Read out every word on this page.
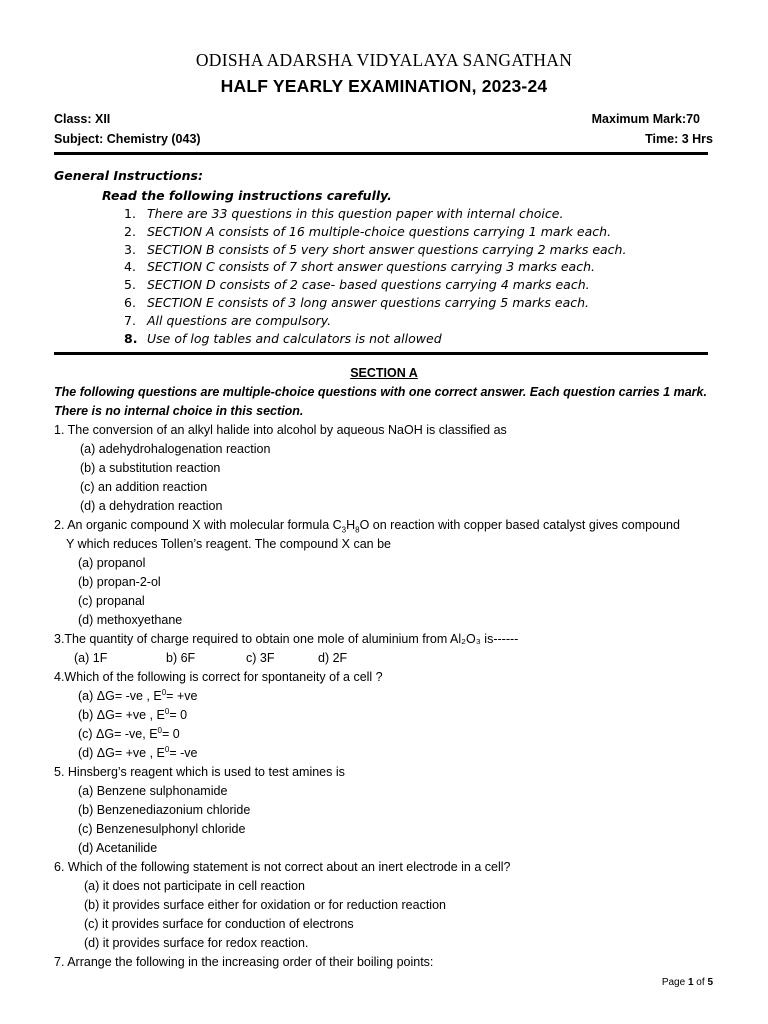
ODISHA ADARSHA VIDYALAYA SANGATHAN
HALF YEARLY EXAMINATION, 2023-24
Class: XII	Maximum Mark:70
Subject: Chemistry (043)	Time: 3 Hrs
General Instructions:
Read the following instructions carefully.
1. There are 33 questions in this question paper with internal choice.
2. SECTION A consists of 16 multiple-choice questions carrying 1 mark each.
3. SECTION B consists of 5 very short answer questions carrying 2 marks each.
4. SECTION C consists of 7 short answer questions carrying 3 marks each.
5. SECTION D consists of 2 case- based questions carrying 4 marks each.
6. SECTION E consists of 3 long answer questions carrying 5 marks each.
7. All questions are compulsory.
8. Use of log tables and calculators is not allowed
SECTION A
The following questions are multiple-choice questions with one correct answer. Each question carries 1 mark.
There is no internal choice in this section.
1. The conversion of an alkyl halide into alcohol by aqueous NaOH is classified as
(a) adehydrohalogenation reaction
(b) a substitution reaction
(c) an addition reaction
(d) a dehydration reaction
2. An organic compound X with molecular formula $C_3H_8O$ on reaction with copper based catalyst gives compound
Y which reduces Tollen’s reagent. The compound X can be
(a) propanol
(b) propan-2-ol
(c) propanal
(d) methoxyethane
3.The quantity of charge required to obtain one mole of aluminium from Al₂O₃ is------
(a) 1F	b) 6F	c) 3F	d) 2F
4.Which of the following is correct for spontaneity of a cell ?
(a) ΔG= -ve , $E^0= +ve$
(b) ΔG= +ve , $E^0= 0$
(c) ΔG= -ve, $E^0= 0$
(d) ΔG= +ve , $E^0= -ve$
5. Hinsberg’s reagent which is used to test amines is
(a) Benzene sulphonamide
(b) Benzenediazonium chloride
(c) Benzenesulphonyl chloride
(d) Acetanilide
6. Which of the following statement is not correct about an inert electrode in a cell?
(a) it does not participate in cell reaction
(b) it provides surface either for oxidation or for reduction reaction
(c) it provides surface for conduction of electrons
(d) it provides surface for redox reaction.
7. Arrange the following in the increasing order of their boiling points:
Page 1 of 5
